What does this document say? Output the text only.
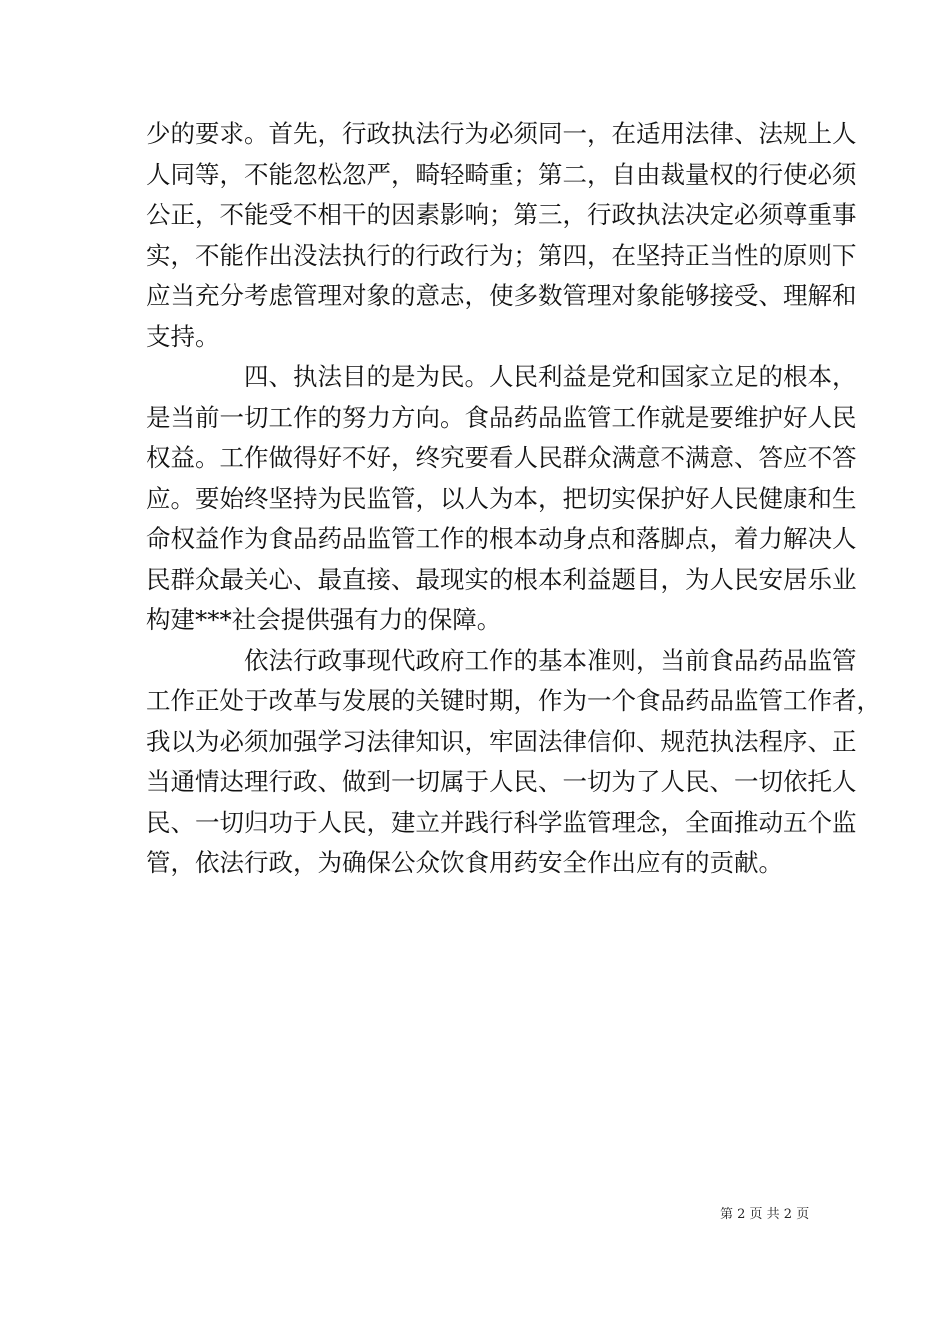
少的要求。首先，行政执法行为必须同一，在适用法律、法规上人
人同等，不能忽松忽严，畸轻畸重；第二，自由裁量权的行使必须
公正，不能受不相干的因素影响；第三，行政执法决定必须尊重事
实，不能作出没法执行的行政行为；第四，在坚持正当性的原则下
应当充分考虑管理对象的意志，使多数管理对象能够接受、理解和
支持。
四、执法目的是为民。人民利益是党和国家立足的根本，
是当前一切工作的努力方向。食品药品监管工作就是要维护好人民
权益。工作做得好不好，终究要看人民群众满意不满意、答应不答
应。要始终坚持为民监管，以人为本，把切实保护好人民健康和生
命权益作为食品药品监管工作的根本动身点和落脚点，着力解决人
民群众最关心、最直接、最现实的根本利益题目，为人民安居乐业
构建***社会提供强有力的保障。
依法行政事现代政府工作的基本准则，当前食品药品监管
工作正处于改革与发展的关键时期，作为一个食品药品监管工作者，
我以为必须加强学习法律知识，牢固法律信仰、规范执法程序、正
当通情达理行政、做到一切属于人民、一切为了人民、一切依托人
民、一切归功于人民，建立并践行科学监管理念，全面推动五个监
管，依法行政，为确保公众饮食用药安全作出应有的贡献。
第 2 页 共 2 页
